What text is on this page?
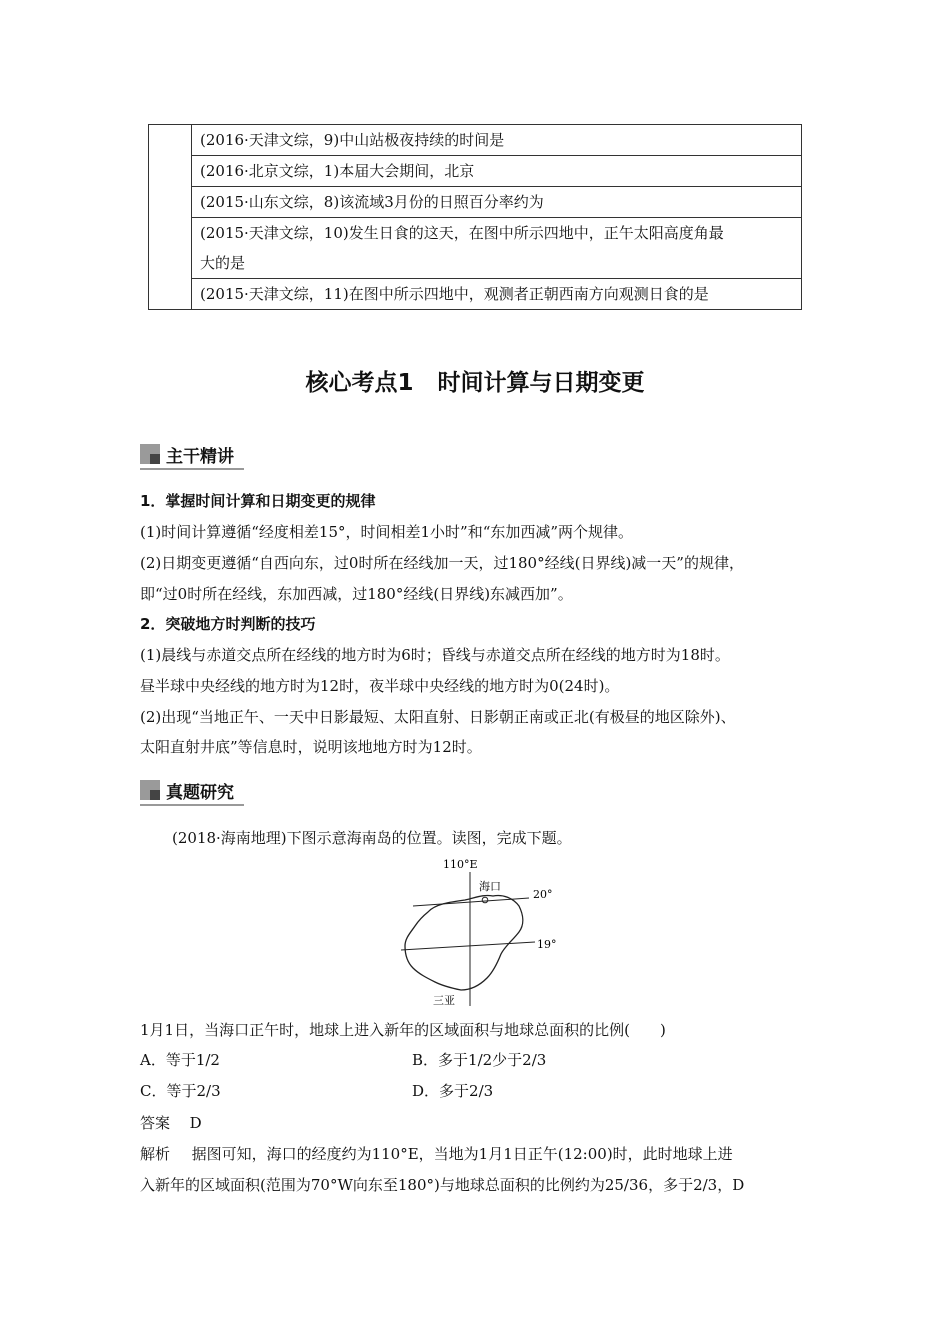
	(2016·天津文综，9)中山站极夜持续的时间是
(2016·北京文综，1)本届大会期间，北京
(2015·山东文综，8)该流域3月份的日照百分率约为

(2015·天津文综，10)发生日食的这天，在图中所示四地中，正午太阳高度角最
大的是

(2015·天津文综，11)在图中所示四地中，观测者正朝西南方向观测日食的是
核心考点1 时间计算与日期变更
主干精讲
1．掌握时间计算和日期变更的规律
(1)时间计算遵循“经度相差15°，时间相差1小时”和“东加西减”两个规律。
(2)日期变更遵循“自西向东，过0时所在经线加一天，过180°经线(日界线)减一天”的规律，
即“过0时所在经线，东加西减，过180°经线(日界线)东减西加”。
2．突破地方时判断的技巧
(1)晨线与赤道交点所在经线的地方时为6时；昏线与赤道交点所在经线的地方时为18时。
昼半球中央经线的地方时为12时，夜半球中央经线的地方时为0(24时)。
(2)出现“当地正午、一天中日影最短、太阳直射、日影朝正南或正北(有极昼的地区除外)、
太阳直射井底”等信息时，说明该地地方时为12时。
真题研究
(2018·海南地理)下图示意海南岛的位置。读图，完成下题。
110°E
海口
20°
19°
三亚
1月1日，当海口正午时，地球上进入新年的区域面积与地球总面积的比例(　　)
A．等于1/2	B．多于1/2少于2/3
C．等于2/3	D．多于2/3
答案 D
解析 据图可知，海口的经度约为110°E，当地为1月1日正午(12:00)时，此时地球上进
入新年的区域面积(范围为70°W向东至180°)与地球总面积的比例约为25/36，多于2/3，D
